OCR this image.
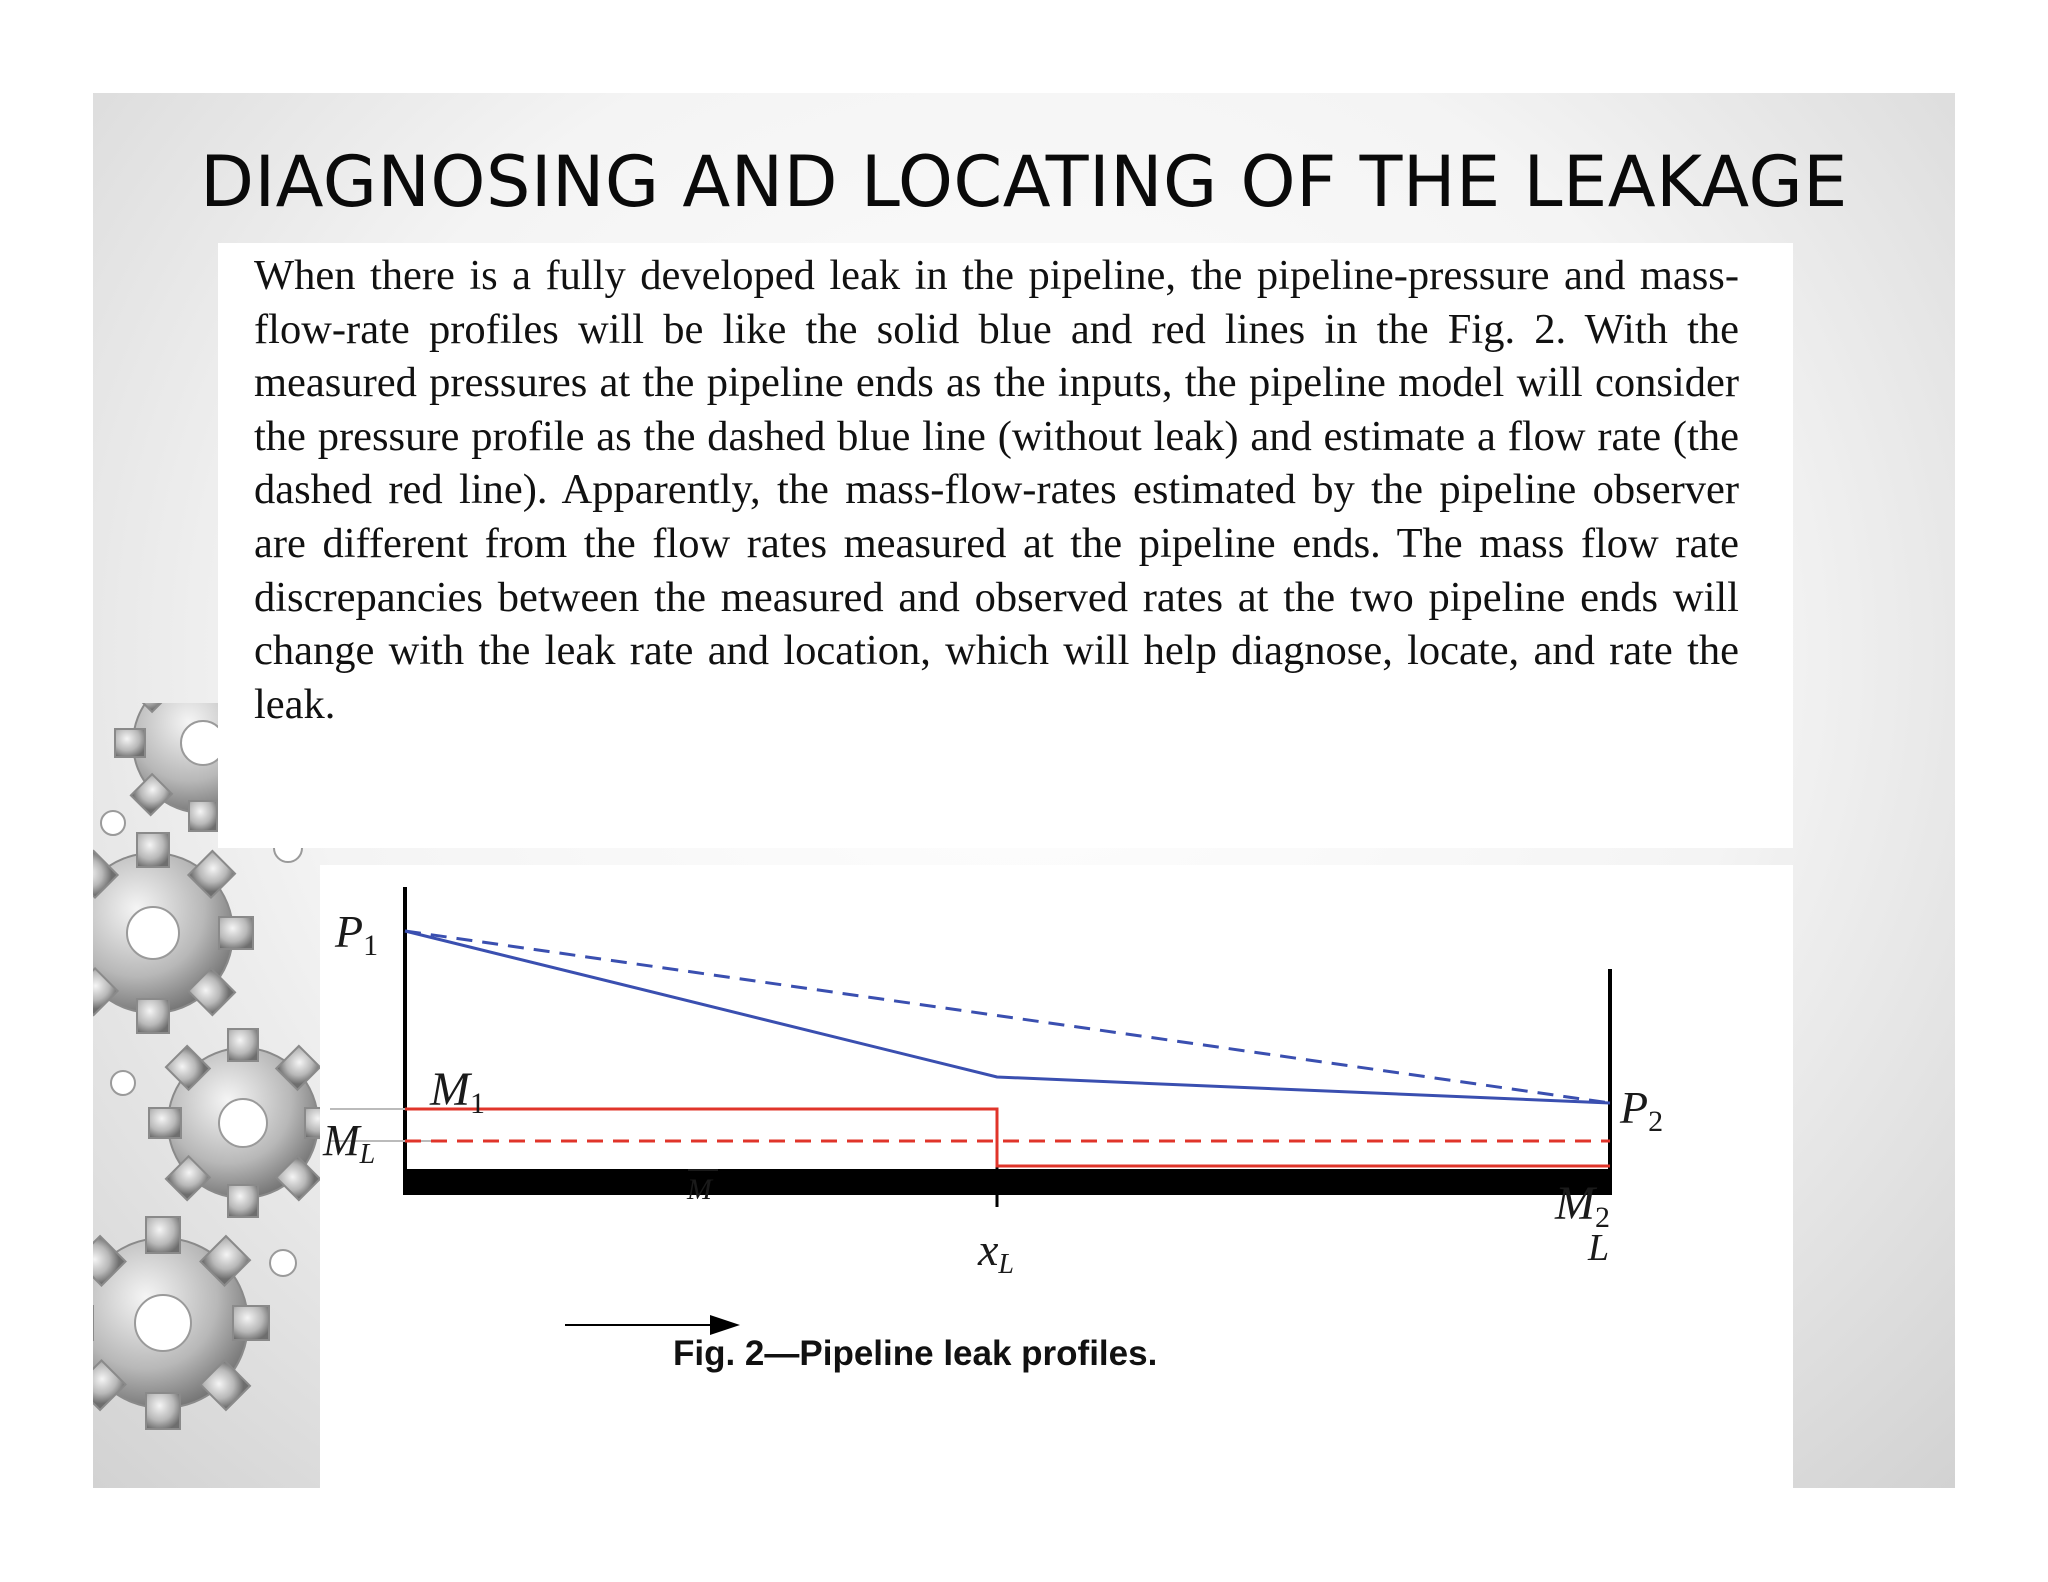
DIAGNOSING AND LOCATING OF THE LEAKAGE

When there is a fully developed leak in the pipeline, the pipeline-pressure and mass-flow-rate profiles will be like the solid blue and red lines in the Fig. 2. With the measured pressures at the pipeline ends as the inputs, the pipeline model will consider the pressure profile as the dashed blue line (without leak) and estimate a flow rate (the dashed red line). Apparently, the mass-flow-rates estimated by the pipeline observer are different from the flow rates measured at the pipeline ends. The mass flow rate discrepancies between the measured and observed rates at the two pipeline ends will change with the leak rate and location, which will help diagnose, locate, and rate the leak.

P1
P2
M1
ML
M	M2
xL	L
Fig. 2—Pipeline leak profiles.
